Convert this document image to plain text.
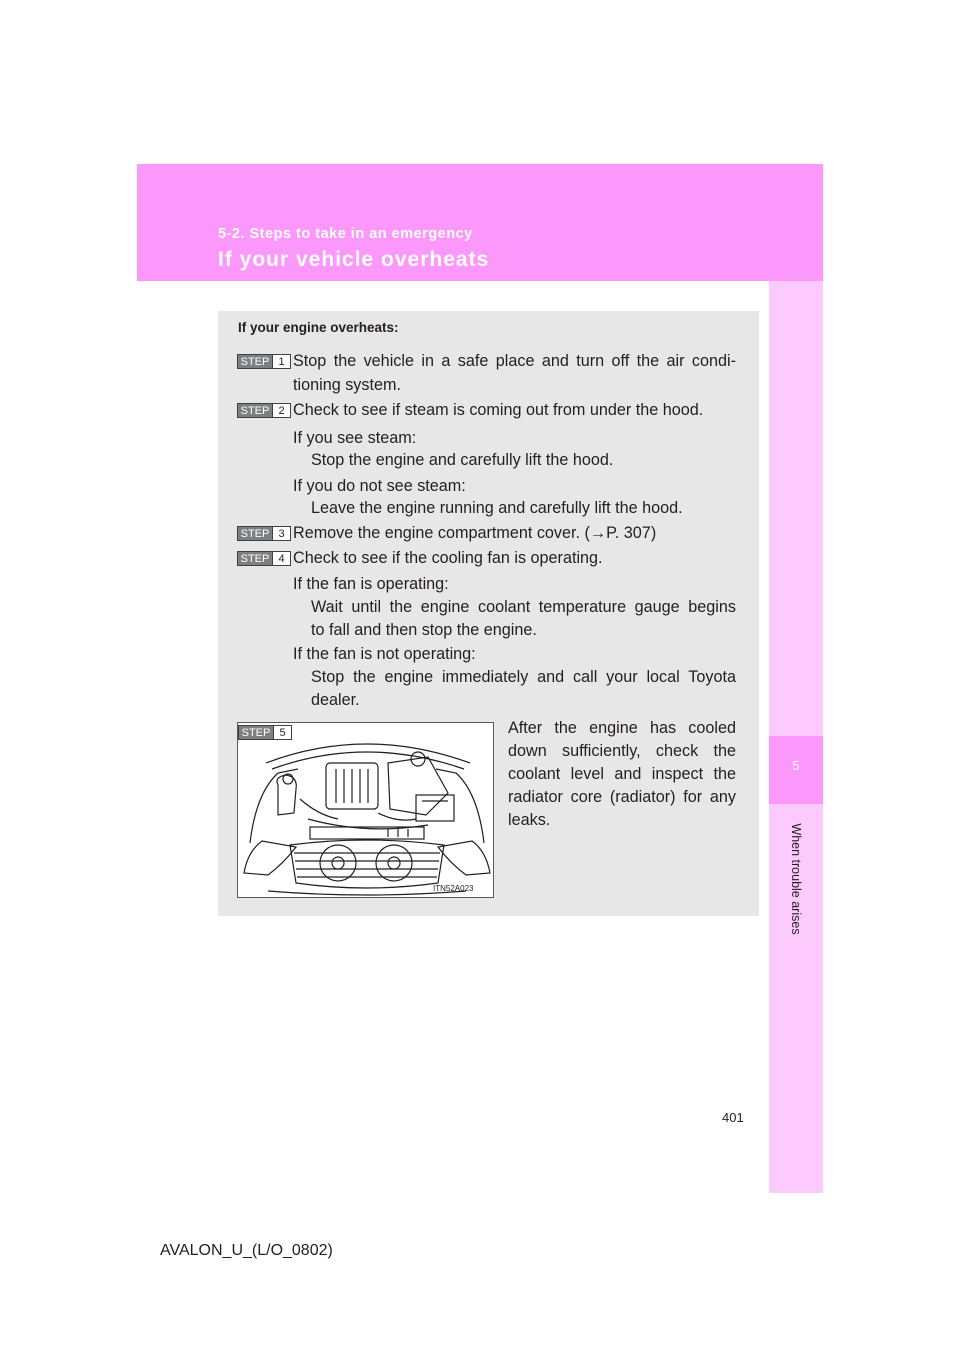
5-2. Steps to take in an emergency
If your vehicle overheats
5
When trouble arises
If your engine overheats:
STEP 1 Stop the vehicle in a safe place and turn off the air condi-

tioning system.

STEP 2 Check to see if steam is coming out from under the hood.

If you see steam:

Stop the engine and carefully lift the hood.

If you do not see steam:

Leave the engine running and carefully lift the hood.

STEP 3 Remove the engine compartment cover. (→P. 307)

STEP 4 Check to see if the cooling fan is operating.

If the fan is operating:

Wait until the engine coolant temperature gauge begins

to fall and then stop the engine.

If the fan is not operating:

Stop the engine immediately and call your local Toyota

dealer.

STEP 5
ITN52A023

After the engine has cooled

down sufficiently, check the

coolant level and inspect the

radiator core (radiator) for any

leaks.

401
AVALON_U_(L/O_0802)
